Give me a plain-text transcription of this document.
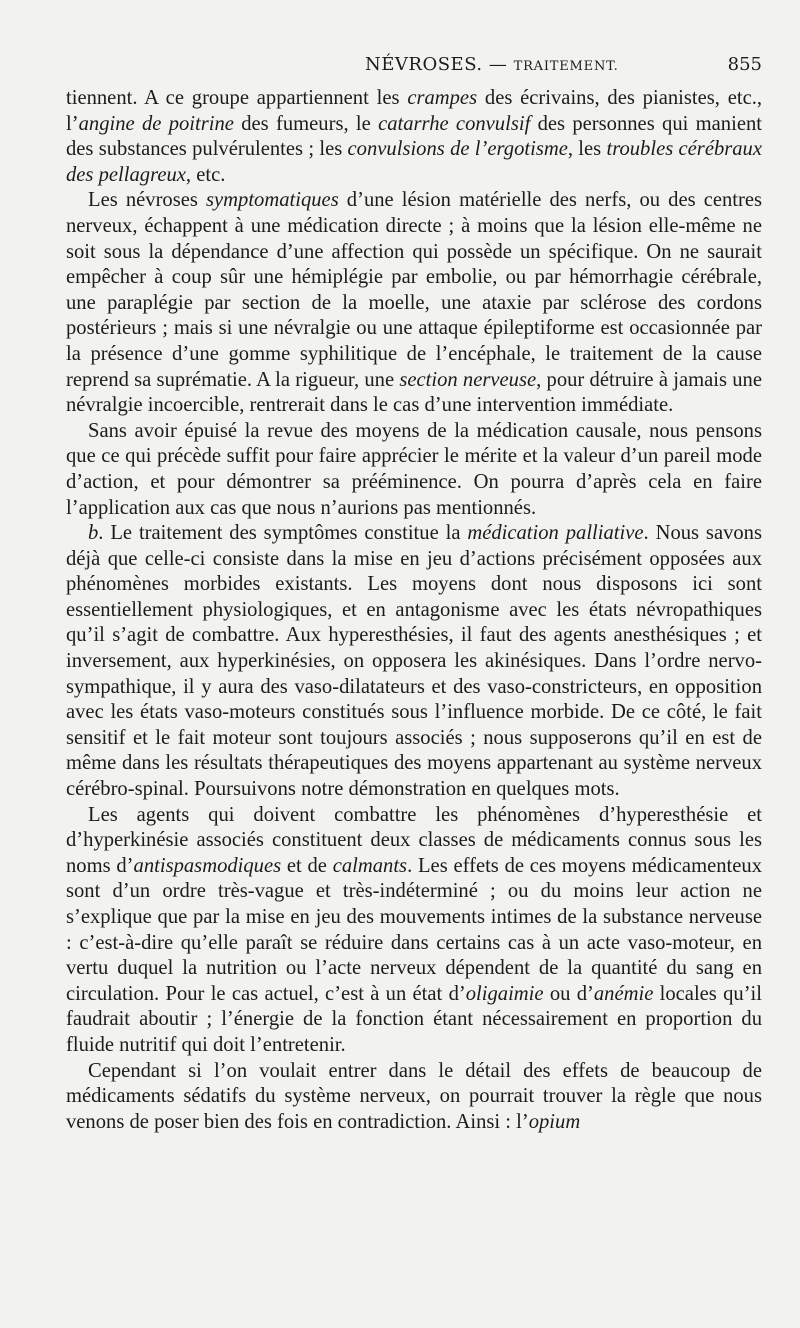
NÉVROSES. — TRAITEMENT.	855

tiennent. A ce groupe appartiennent les crampes des écrivains, des pianistes, etc., l’angine de poitrine des fumeurs, le catarrhe convulsif des personnes qui manient des substances pulvérulentes ; les convulsions de l’ergotisme, les troubles cérébraux des pellagreux, etc.

Les névroses symptomatiques d’une lésion matérielle des nerfs, ou des centres nerveux, échappent à une médication directe ; à moins que la lésion elle-même ne soit sous la dépendance d’une affection qui possède un spécifique. On ne saurait empêcher à coup sûr une hémiplégie par embolie, ou par hémorrhagie cérébrale, une paraplégie par section de la moelle, une ataxie par sclérose des cordons postérieurs ; mais si une névralgie ou une attaque épileptiforme est occasionnée par la présence d’une gomme syphilitique de l’encéphale, le traitement de la cause reprend sa suprématie. A la rigueur, une section nerveuse, pour détruire à jamais une névralgie incoercible, rentrerait dans le cas d’une intervention immédiate.

Sans avoir épuisé la revue des moyens de la médication causale, nous pensons que ce qui précède suffit pour faire apprécier le mérite et la valeur d’un pareil mode d’action, et pour démontrer sa prééminence. On pourra d’après cela en faire l’application aux cas que nous n’aurions pas mentionnés.

b. Le traitement des symptômes constitue la médication palliative. Nous savons déjà que celle-ci consiste dans la mise en jeu d’actions précisément opposées aux phénomènes morbides existants. Les moyens dont nous disposons ici sont essentiellement physiologiques, et en antagonisme avec les états névropathiques qu’il s’agit de combattre. Aux hyperesthésies, il faut des agents anesthésiques ; et inversement, aux hyperkinésies, on opposera les akinésiques. Dans l’ordre nervo-sympathique, il y aura des vaso-dilatateurs et des vaso-constricteurs, en opposition avec les états vaso-moteurs constitués sous l’influence morbide. De ce côté, le fait sensitif et le fait moteur sont toujours associés ; nous supposerons qu’il en est de même dans les résultats thérapeutiques des moyens appartenant au système nerveux cérébro-spinal. Poursuivons notre démonstration en quelques mots.

Les agents qui doivent combattre les phénomènes d’hyperesthésie et d’hyperkinésie associés constituent deux classes de médicaments connus sous les noms d’antispasmodiques et de calmants. Les effets de ces moyens médicamenteux sont d’un ordre très-vague et très-indéterminé ; ou du moins leur action ne s’explique que par la mise en jeu des mouvements intimes de la substance nerveuse : c’est-à-dire qu’elle paraît se réduire dans certains cas à un acte vaso-moteur, en vertu duquel la nutrition ou l’acte nerveux dépendent de la quantité du sang en circulation. Pour le cas actuel, c’est à un état d’oligaimie ou d’anémie locales qu’il faudrait aboutir ; l’énergie de la fonction étant nécessairement en proportion du fluide nutritif qui doit l’entretenir.

Cependant si l’on voulait entrer dans le détail des effets de beaucoup de médicaments sédatifs du système nerveux, on pourrait trouver la règle que nous venons de poser bien des fois en contradiction. Ainsi : l’opium
